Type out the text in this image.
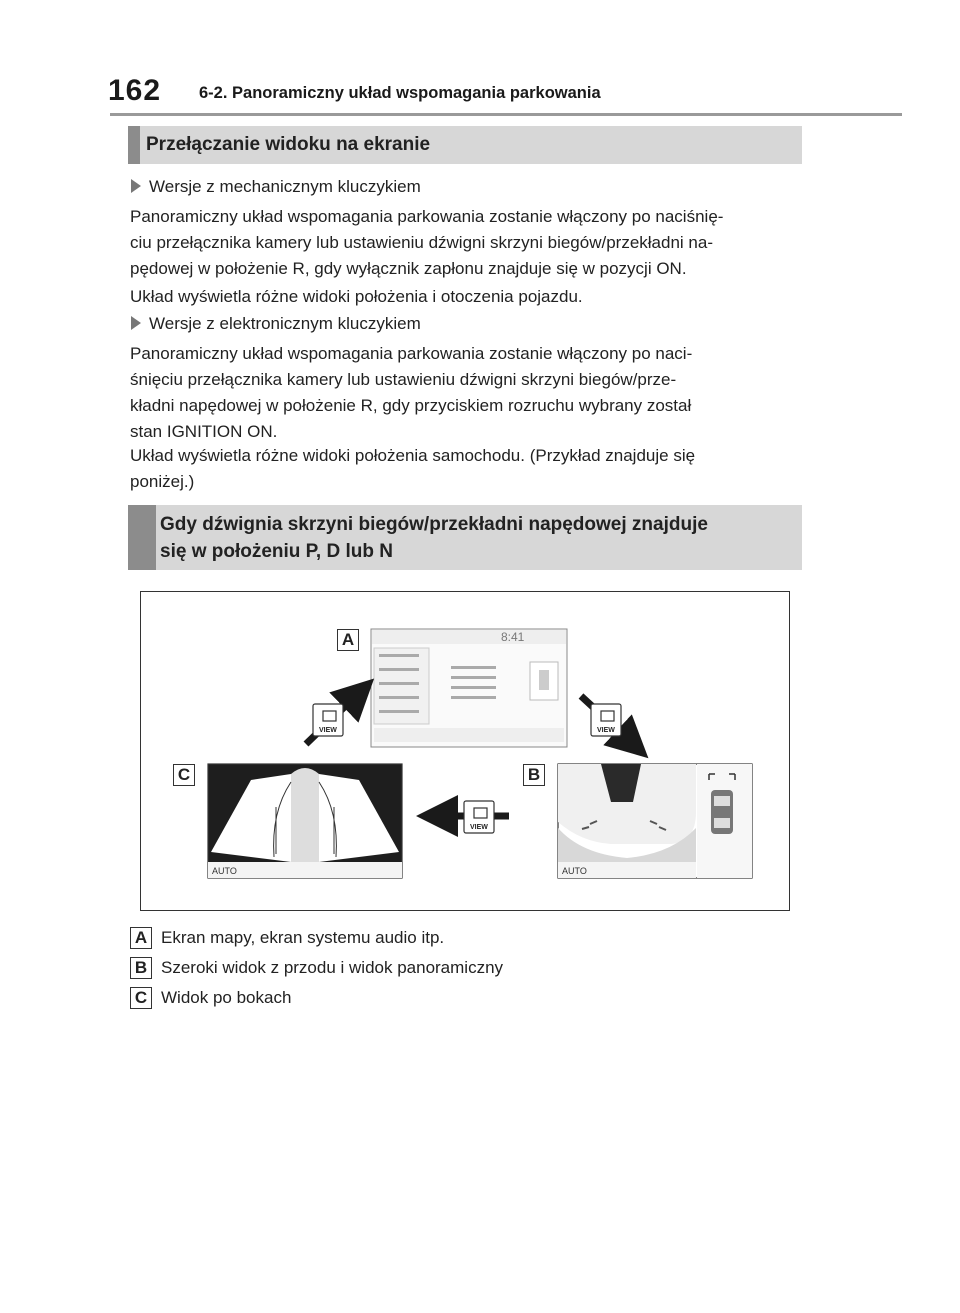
162 6-2. Panoramiczny układ wspomagania parkowania
Przełączanie widoku na ekranie
Wersje z mechanicznym kluczykiem
Panoramiczny układ wspomagania parkowania zostanie włączony po naciśnię-
ciu przełącznika kamery lub ustawieniu dźwigni skrzyni biegów/przekładni na-
pędowej w położenie R, gdy wyłącznik zapłonu znajduje się w pozycji ON.
Układ wyświetla różne widoki położenia i otoczenia pojazdu.
Wersje z elektronicznym kluczykiem
Panoramiczny układ wspomagania parkowania zostanie włączony po naci-
śnięciu przełącznika kamery lub ustawieniu dźwigni skrzyni biegów/prze-
kładni napędowej w położenie R, gdy przyciskiem rozruchu wybrany został
stan IGNITION ON.
Układ wyświetla różne widoki położenia samochodu. (Przykład znajduje się
poniżej.)
Gdy dźwignia skrzyni biegów/przekładni napędowej znajduje
się w położeniu P, D lub N
8:41
AUTO
AUTO
VIEW	VIEW
VIEW
A
B
C
A Ekran mapy, ekran systemu audio itp.
B Szeroki widok z przodu i widok panoramiczny
C Widok po bokach
